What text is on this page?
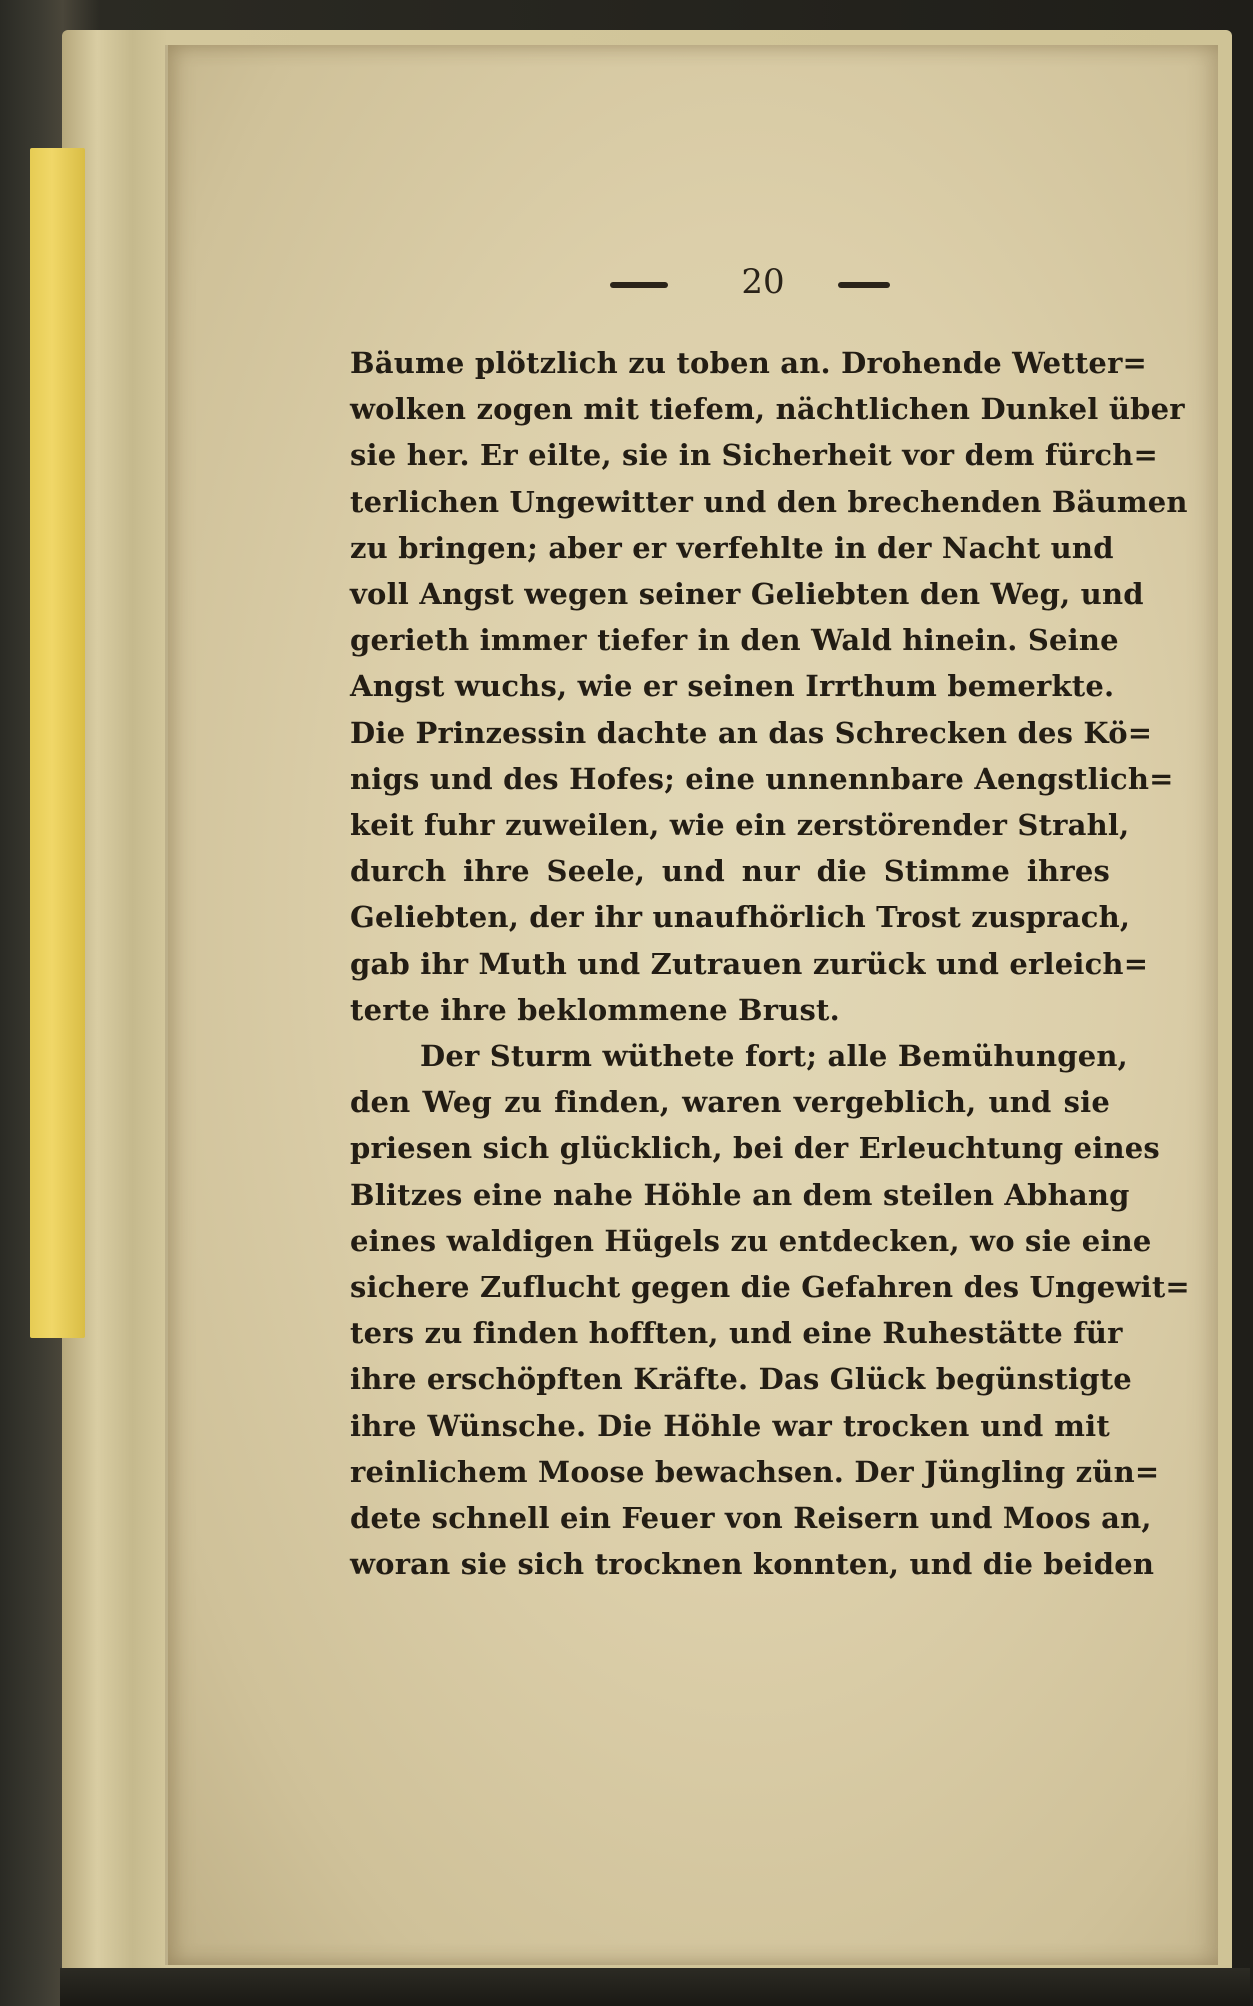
20
Bäume plötzlich zu toben an. Drohende Wetter=
wolken zogen mit tiefem, nächtlichen Dunkel über
sie her. Er eilte, sie in Sicherheit vor dem fürch=
terlichen Ungewitter und den brechenden Bäumen
zu bringen; aber er verfehlte in der Nacht und
voll Angst wegen seiner Geliebten den Weg, und
gerieth immer tiefer in den Wald hinein. Seine
Angst wuchs, wie er seinen Irrthum bemerkte.
Die Prinzessin dachte an das Schrecken des Kö=
nigs und des Hofes; eine unnennbare Aengstlich=
keit fuhr zuweilen, wie ein zerstörender Strahl,
durch ihre Seele, und nur die Stimme ihres
Geliebten, der ihr unaufhörlich Trost zusprach,
gab ihr Muth und Zutrauen zurück und erleich=
terte ihre beklommene Brust.
Der Sturm wüthete fort; alle Bemühungen,
den Weg zu finden, waren vergeblich, und sie
priesen sich glücklich, bei der Erleuchtung eines
Blitzes eine nahe Höhle an dem steilen Abhang
eines waldigen Hügels zu entdecken, wo sie eine
sichere Zuflucht gegen die Gefahren des Ungewit=
ters zu finden hofften, und eine Ruhestätte für
ihre erschöpften Kräfte. Das Glück begünstigte
ihre Wünsche. Die Höhle war trocken und mit
reinlichem Moose bewachsen. Der Jüngling zün=
dete schnell ein Feuer von Reisern und Moos an,
woran sie sich trocknen konnten, und die beiden
